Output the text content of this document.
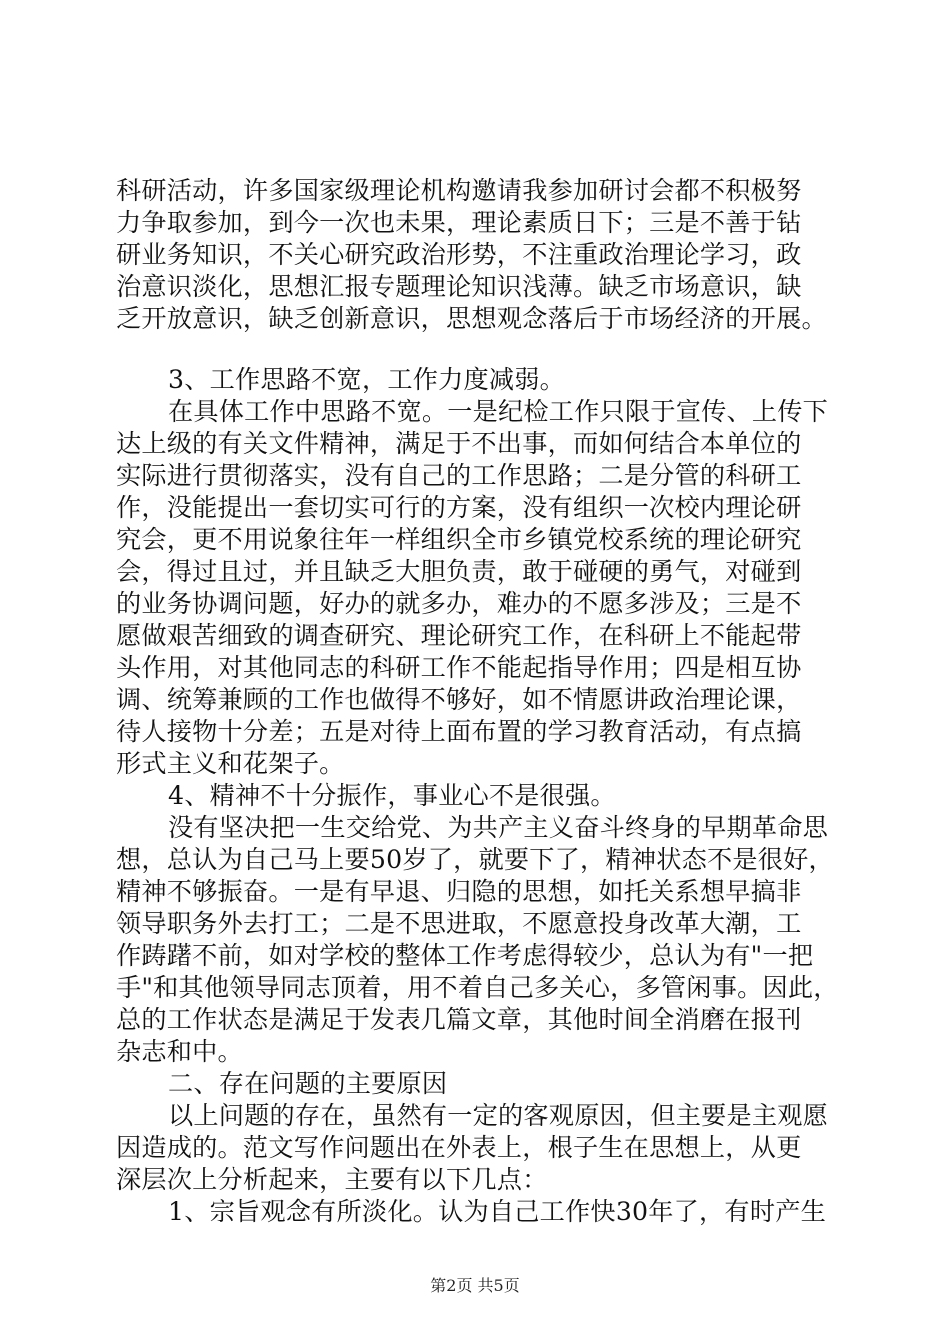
科研活动，许多国家级理论机构邀请我参加研讨会都不积极努
力争取参加，到今一次也未果，理论素质日下；三是不善于钻
研业务知识，不关心研究政治形势，不注重政治理论学习，政
治意识淡化，思想汇报专题理论知识浅薄。缺乏市场意识，缺
乏开放意识，缺乏创新意识，思想观念落后于市场经济的开展。
3、工作思路不宽，工作力度减弱。
在具体工作中思路不宽。一是纪检工作只限于宣传、上传下
达上级的有关文件精神，满足于不出事，而如何结合本单位的
实际进行贯彻落实，没有自己的工作思路；二是分管的科研工
作，没能提出一套切实可行的方案，没有组织一次校内理论研
究会，更不用说象往年一样组织全市乡镇党校系统的理论研究
会，得过且过，并且缺乏大胆负责，敢于碰硬的勇气，对碰到
的业务协调问题，好办的就多办，难办的不愿多涉及；三是不
愿做艰苦细致的调查研究、理论研究工作，在科研上不能起带
头作用，对其他同志的科研工作不能起指导作用；四是相互协
调、统筹兼顾的工作也做得不够好，如不情愿讲政治理论课，
待人接物十分差；五是对待上面布置的学习教育活动，有点搞
形式主义和花架子。
4、精神不十分振作，事业心不是很强。
没有坚决把一生交给党、为共产主义奋斗终身的早期革命思
想，总认为自己马上要50岁了，就要下了，精神状态不是很好，
精神不够振奋。一是有早退、归隐的思想，如托关系想早搞非
领导职务外去打工；二是不思进取，不愿意投身改革大潮，工
作踌躇不前，如对学校的整体工作考虑得较少，总认为有"一把
手"和其他领导同志顶着，用不着自己多关心，多管闲事。因此，
总的工作状态是满足于发表几篇文章，其他时间全消磨在报刊
杂志和中。
二、存在问题的主要原因
以上问题的存在，虽然有一定的客观原因，但主要是主观愿
因造成的。范文写作问题出在外表上，根子生在思想上，从更
深层次上分析起来，主要有以下几点：
1、宗旨观念有所淡化。认为自己工作快30年了，有时产生
第2页 共5页
